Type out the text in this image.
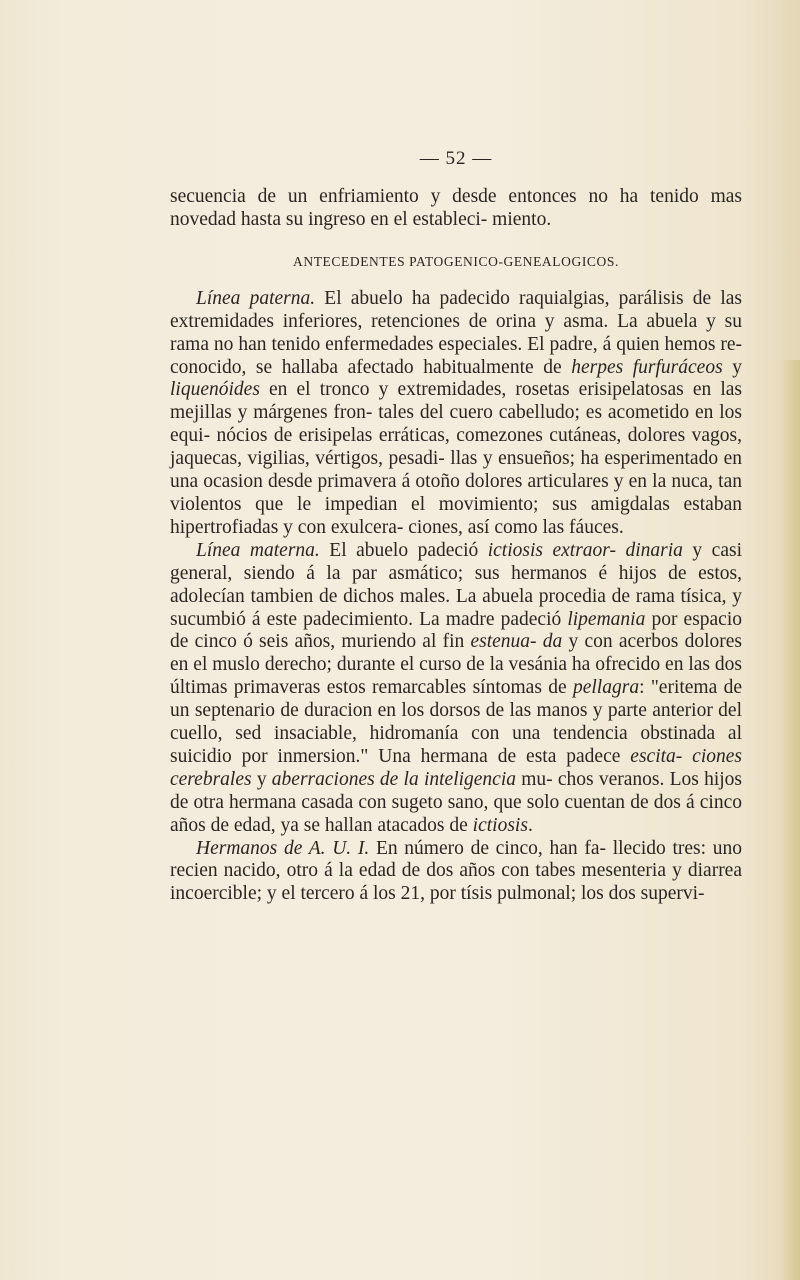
— 52 —

secuencia de un enfriamiento y desde entonces no ha tenido mas novedad hasta su ingreso en el estableci- miento.

ANTECEDENTES PATOGENICO-GENEALOGICOS.

Línea paterna. El abuelo ha padecido raquialgias, parálisis de las extremidades inferiores, retenciones de orina y asma. La abuela y su rama no han tenido enfermedades especiales. El padre, á quien hemos re- conocido, se hallaba afectado habitualmente de herpes furfuráceos y liquenóides en el tronco y extremidades, rosetas erisipelatosas en las mejillas y márgenes fron- tales del cuero cabelludo; es acometido en los equi- nócios de erisipelas erráticas, comezones cutáneas, dolores vagos, jaquecas, vigilias, vértigos, pesadi- llas y ensueños; ha esperimentado en una ocasion desde primavera á otoño dolores articulares y en la nuca, tan violentos que le impedian el movimiento; sus amigdalas estaban hipertrofiadas y con exulcera- ciones, así como las fáuces.

Línea materna. El abuelo padeció ictiosis extraor- dinaria y casi general, siendo á la par asmático; sus hermanos é hijos de estos, adolecían tambien de dichos males. La abuela procedia de rama tísica, y sucumbió á este padecimiento. La madre padeció lipemania por espacio de cinco ó seis años, muriendo al fin estenua- da y con acerbos dolores en el muslo derecho; durante el curso de la vesánia ha ofrecido en las dos últimas primaveras estos remarcables síntomas de pellagra: "eritema de un septenario de duracion en los dorsos de las manos y parte anterior del cuello, sed insaciable, hidromanía con una tendencia obstinada al suicidio por inmersion." Una hermana de esta padece escita- ciones cerebrales y aberraciones de la inteligencia mu- chos veranos. Los hijos de otra hermana casada con sugeto sano, que solo cuentan de dos á cinco años de edad, ya se hallan atacados de ictiosis.

Hermanos de A. U. I. En número de cinco, han fa- llecido tres: uno recien nacido, otro á la edad de dos años con tabes mesenteria y diarrea incoercible; y el tercero á los 21, por tísis pulmonal; los dos supervi-
